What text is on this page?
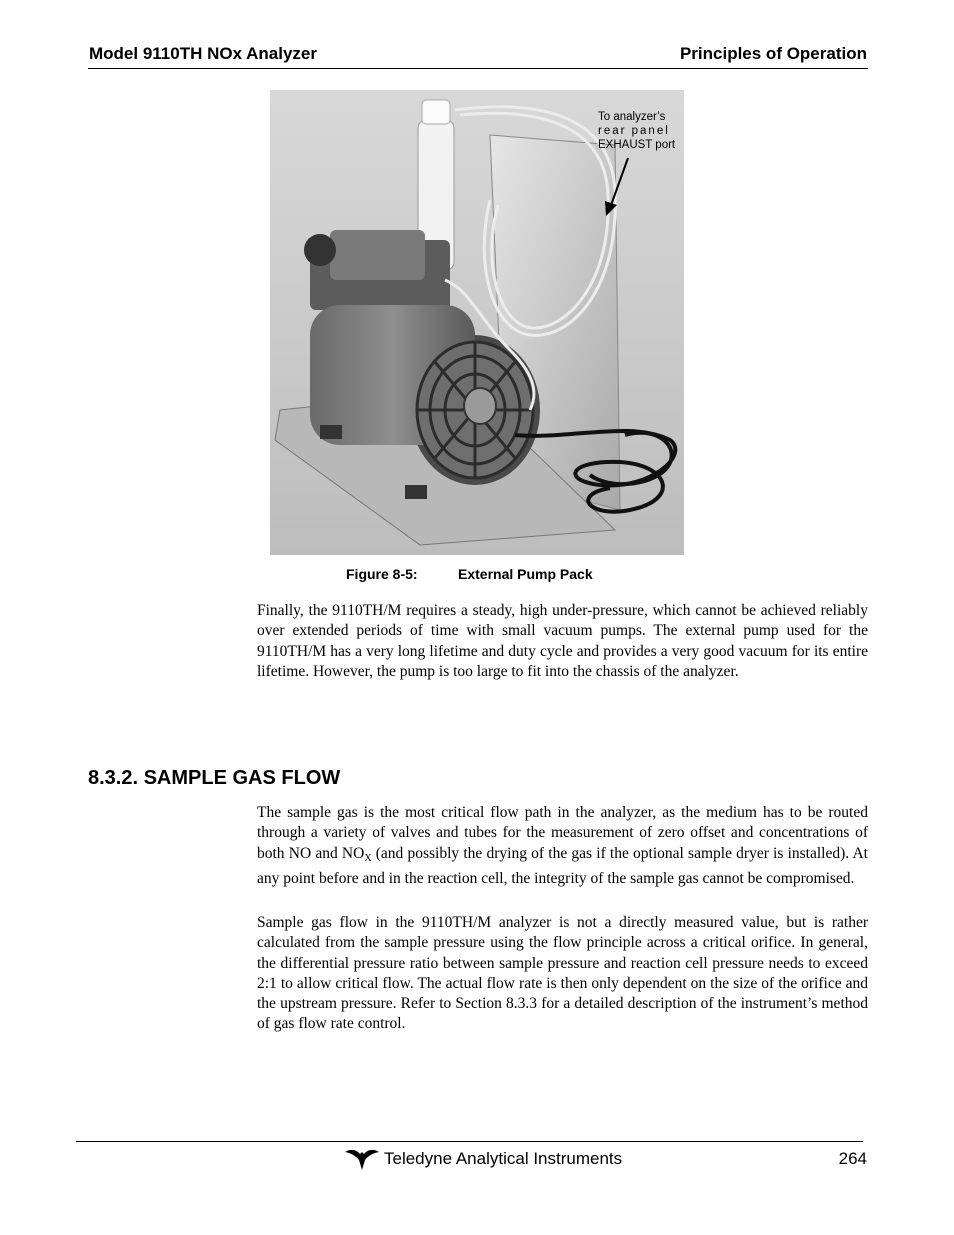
Model 9110TH NOx Analyzer	Principles of Operation
To analyzer’s
rear panel
EXHAUST port
Figure 8-5:	External Pump Pack
Finally, the 9110TH/M requires a steady, high under-pressure, which cannot be achieved reliably over extended periods of time with small vacuum pumps. The external pump used for the 9110TH/M has a very long lifetime and duty cycle and provides a very good vacuum for its entire lifetime. However, the pump is too large to fit into the chassis of the analyzer.
8.3.2. SAMPLE GAS FLOW
The sample gas is the most critical flow path in the analyzer, as the medium has to be routed through a variety of valves and tubes for the measurement of zero offset and concentrations of both NO and $NO_X$ (and possibly the drying of the gas if the optional sample dryer is installed). At any point before and in the reaction cell, the integrity of the sample gas cannot be compromised.
Sample gas flow in the 9110TH/M analyzer is not a directly measured value, but is rather calculated from the sample pressure using the flow principle across a critical orifice. In general, the differential pressure ratio between sample pressure and reaction cell pressure needs to exceed 2:1 to allow critical flow. The actual flow rate is then only dependent on the size of the orifice and the upstream pressure. Refer to Section 8.3.3 for a detailed description of the instrument’s method of gas flow rate control.
Teledyne Analytical Instruments	264
